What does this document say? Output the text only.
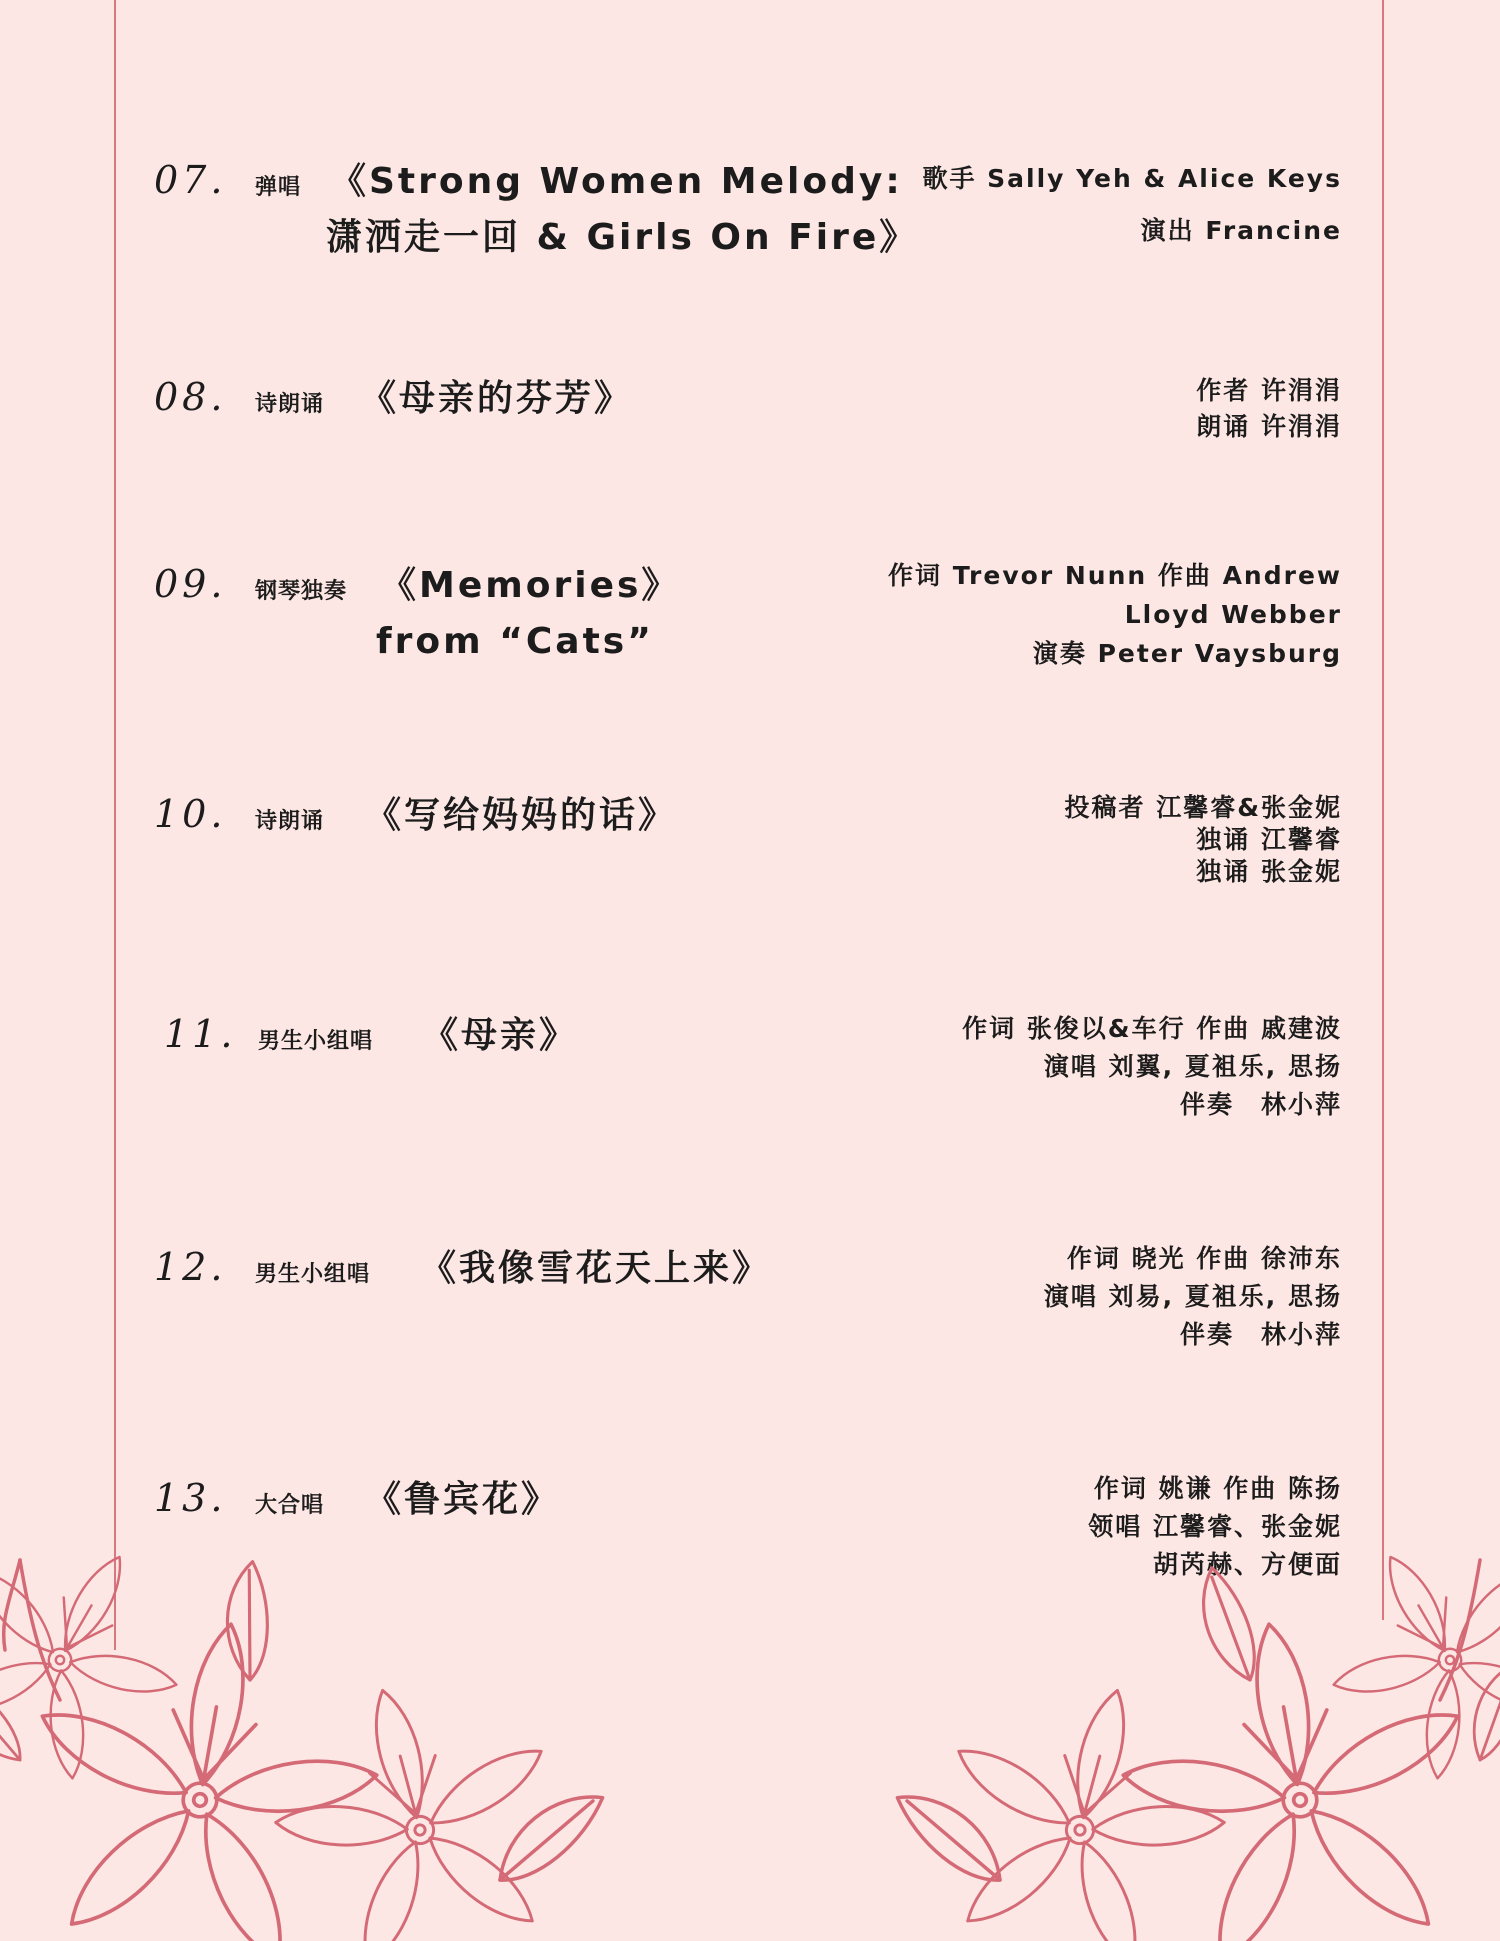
07. 弹唱 《Strong Women Melody:
潇洒走一回 & Girls On Fire》
歌手 Sally Yeh & Alice Keys
演出 Francine
08. 诗朗诵 《母亲的芬芳》	作者 许涓涓
朗诵 许涓涓
09. 钢琴独奏 《Memories》
from “Cats”
作词 Trevor Nunn 作曲 Andrew
Lloyd Webber
演奏 Peter Vaysburg
10. 诗朗诵 《写给妈妈的话》	投稿者 江馨睿&张金妮
独诵 江馨睿
独诵 张金妮
11. 男生小组唱 《母亲》	作词 张俊以&车行 作曲 戚建波
演唱 刘翼, 夏袓乐, 思扬
伴奏　林小萍
12. 男生小组唱 《我像雪花天上来》	作词 晓光 作曲 徐沛东
演唱 刘易, 夏袓乐, 思扬
伴奏　林小萍
13. 大合唱 《鲁宾花》	作词 姚谦 作曲 陈扬
领唱 江馨睿、张金妮
胡芮赫、方便面
